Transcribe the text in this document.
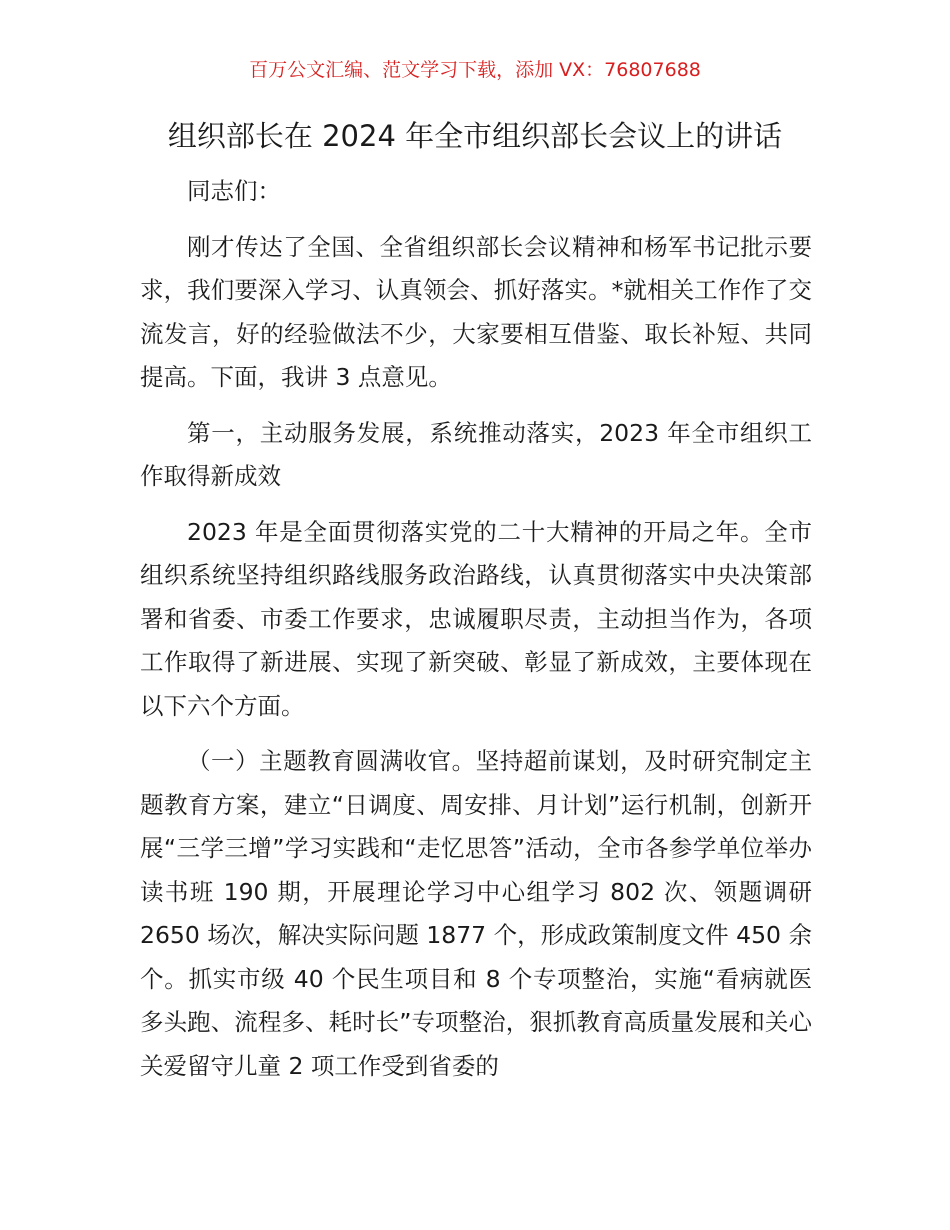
百万公文汇编、范文学习下载，添加 VX：76807688
组织部长在 2024 年全市组织部长会议上的讲话

同志们：

刚才传达了全国、全省组织部长会议精神和杨军书记批示要求，我们要深入学习、认真领会、抓好落实。*就相关工作作了交流发言，好的经验做法不少，大家要相互借鉴、取长补短、共同提高。下面，我讲 3 点意见。

第一，主动服务发展，系统推动落实，2023 年全市组织工作取得新成效

2023 年是全面贯彻落实党的二十大精神的开局之年。全市组织系统坚持组织路线服务政治路线，认真贯彻落实中央决策部署和省委、市委工作要求，忠诚履职尽责，主动担当作为，各项工作取得了新进展、实现了新突破、彰显了新成效，主要体现在以下六个方面。

（一）主题教育圆满收官。坚持超前谋划，及时研究制定主题教育方案，建立“日调度、周安排、月计划”运行机制，创新开展“三学三增”学习实践和“走忆思答”活动，全市各参学单位举办读书班 190 期，开展理论学习中心组学习 802 次、领题调研 2650 场次，解决实际问题 1877 个，形成政策制度文件 450 余个。抓实市级 40 个民生项目和 8 个专项整治，实施“看病就医多头跑、流程多、耗时长”专项整治，狠抓教育高质量发展和关心关爱留守儿童 2 项工作受到省委的
